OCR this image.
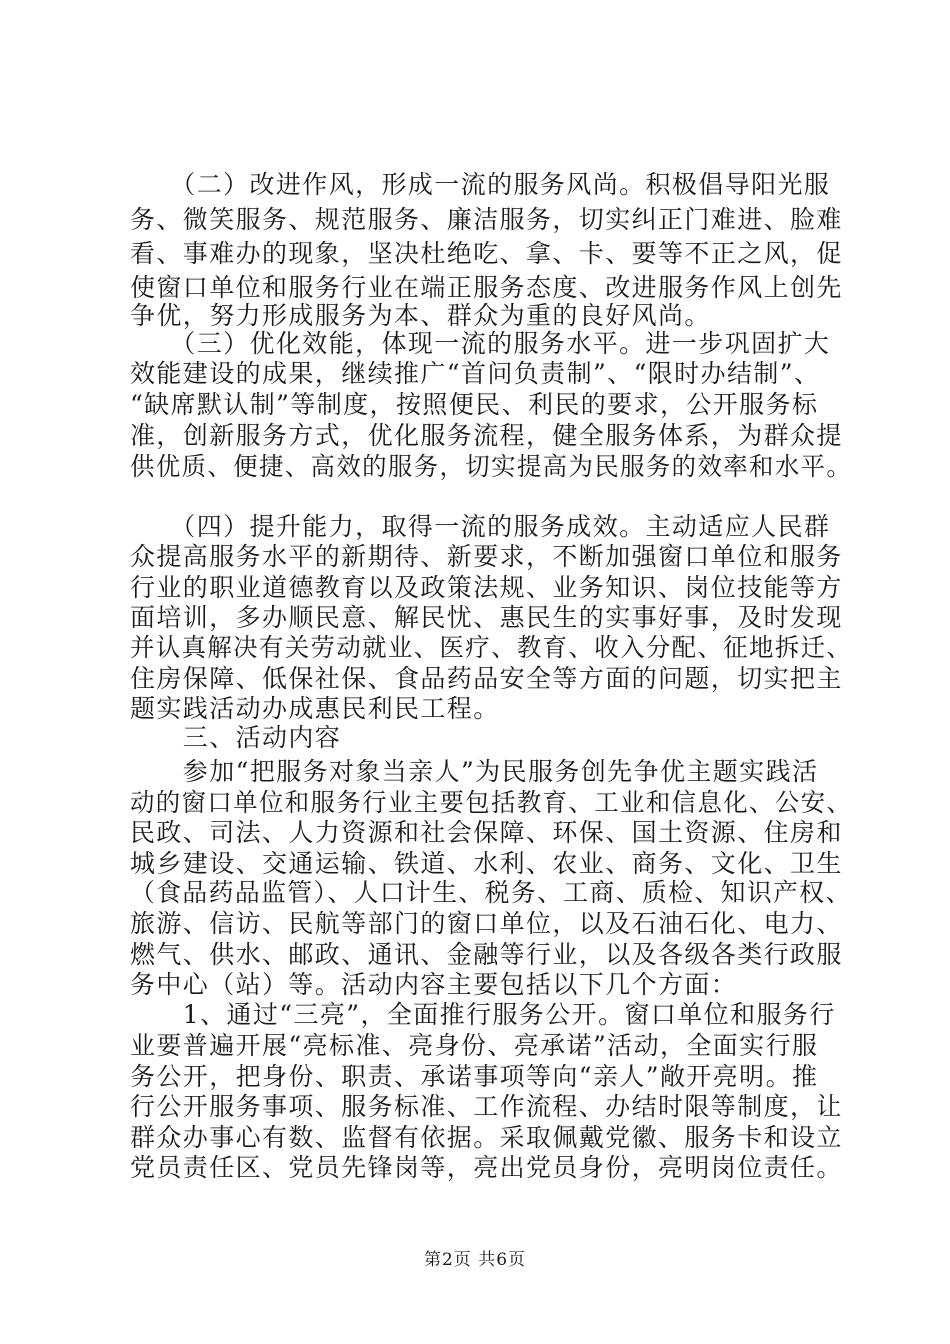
　　（二）改进作风，形成一流的服务风尚。积极倡导阳光服
务、微笑服务、规范服务、廉洁服务，切实纠正门难进、脸难
看、事难办的现象，坚决杜绝吃、拿、卡、要等不正之风，促
使窗口单位和服务行业在端正服务态度、改进服务作风上创先
争优，努力形成服务为本、群众为重的良好风尚。
　　（三）优化效能，体现一流的服务水平。进一步巩固扩大
效能建设的成果，继续推广“首问负责制”、“限时办结制”、
“缺席默认制”等制度，按照便民、利民的要求，公开服务标
准，创新服务方式，优化服务流程，健全服务体系，为群众提
供优质、便捷、高效的服务，切实提高为民服务的效率和水平。
　　（四）提升能力，取得一流的服务成效。主动适应人民群
众提高服务水平的新期待、新要求，不断加强窗口单位和服务
行业的职业道德教育以及政策法规、业务知识、岗位技能等方
面培训，多办顺民意、解民忧、惠民生的实事好事，及时发现
并认真解决有关劳动就业、医疗、教育、收入分配、征地拆迁、
住房保障、低保社保、食品药品安全等方面的问题，切实把主
题实践活动办成惠民利民工程。
　　三、活动内容
　　参加“把服务对象当亲人”为民服务创先争优主题实践活
动的窗口单位和服务行业主要包括教育、工业和信息化、公安、
民政、司法、人力资源和社会保障、环保、国土资源、住房和
城乡建设、交通运输、铁道、水利、农业、商务、文化、卫生
（食品药品监管）、人口计生、税务、工商、质检、知识产权、
旅游、信访、民航等部门的窗口单位，以及石油石化、电力、
燃气、供水、邮政、通讯、金融等行业，以及各级各类行政服
务中心（站）等。活动内容主要包括以下几个方面：
　　1、通过“三亮”，全面推行服务公开。窗口单位和服务行
业要普遍开展“亮标准、亮身份、亮承诺”活动，全面实行服
务公开，把身份、职责、承诺事项等向“亲人”敞开亮明。推
行公开服务事项、服务标准、工作流程、办结时限等制度，让
群众办事心有数、监督有依据。采取佩戴党徽、服务卡和设立
党员责任区、党员先锋岗等，亮出党员身份，亮明岗位责任。
第2页 共6页
